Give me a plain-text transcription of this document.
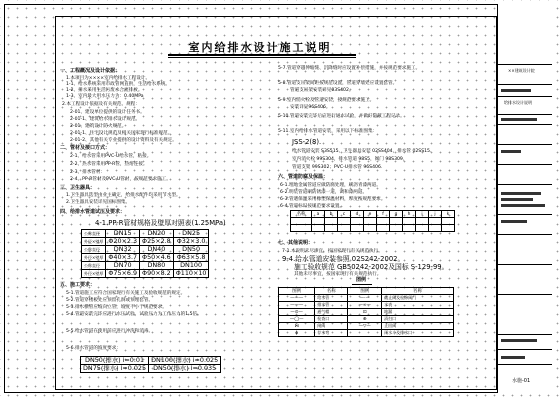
室内给排水设计施工说明
一、工程概况及设计依据：
1.本项目为××××室内给排水工程设计。
1-1、给水系统采用市政管网直供，生活给水系统。
1-2、排水采用生活污废水合流排放。
1-3、室内最大用水压力为：0.40MPa
2.本工程设计依据及有关规范、规程：
2-01、建设单位提供的设计任务书。
2-01-1、建筑给水排水设计规范。
2-01、建筑设计防火规范。
2-01-1、住宅设计规范及相关国家现行标准规范。
2-01-2、其他有关专业提供的设计资料及有关规定。
二、管材及接口方式：
2-1、给水管采用PVC-U给水管，粘接。
2-2、热水管采用PP-R管，热熔连接。
2-3、排水管材：
2-4、PP-R管材及PVC-U管材，按规范要求施工。
三、卫生器具：
1.卫生器具选型由业主确定，给排水配件均采用节水型。
2.卫生器具安装详见国标图集。
四、给排水管道试压及要求：
4-1.PP-R管材规格及壁厚对照表(1.25MPa)
公称直径	DN15	DN20	DN25
外径×壁厚	Φ20×2.3	Φ25×2.8	Φ32×3.0
公称直径	DN32	DN40	DN50
外径×壁厚	Φ40×3.7	Φ50×4.6	Φ63×5.8
公称直径	DN70	DN80	DN100
外径×壁厚	Φ75×6.9	Φ90×8.2	Φ110×10
五、施工要求：
5-1.管道施工应符合国家现行有关施工及验收规范的规定。
5-2.管道穿楼板处应预留孔洞或预埋套管。
5-3.排水横管应坡向立管，坡度不小于规范要求。
5-4.管道安装完毕应进行水压试验，试验压力为工作压力的1.5倍。
5-5.给水管道在使用前应进行冲洗和消毒。
5-6.排水管道的坡度要求：
DN50(排水) i=0.01	DN100(排水) i=0.025
DN75(排水) i=0.025	DN50(排水) i=0.035
5-7.管道穿越伸缩缝、沉降缝时应设置补偿措施，并按规范要求施工。
5-8.管道支吊架间距按规范设置，管道穿墙处应设置套管。
管道支吊架安装详见03S402。
5-9.室内消火栓及管道安装，按规范要求施工。
安装详见96S406。
5-10.管道安装完毕后应进行通水试验，并做好隐蔽工程记录。
5-11.室内给排水管道安装，采用以下标准图集：
JSS-2(8).
给水管道安装 S3S515、卫生器具安装 02SS404，排水管 02SS15.
室内消火栓 99S304，排水管道 98S5，阀门 98S309，
管道支架 99S302；PVC-U排水管 96S406.
六、管道防腐及保温：
6-1.埋地金属管道应做防腐处理，刷沥青漆两道。
6-2.明装管道刷防锈漆一道，调和漆两道。
6-3.管道保温采用橡塑保温材料，厚度按规范要求。
6-4.管道标识按规范要求设置。
名称	a	b	c	d	e	f	g	h	i	j	k

七、其他说明：
7-1.本说明未尽事宜，按国家现行有关规范执行。
9-4.给水管道安装参照 02S242-2002。
施工验收规范 GB50242-2002及国标 S-129-99。
其他未尽事宜，按国家现行有关规范执行。
图例
图例	名称	图例	名称
———	给水管	—·—	截止阀及检修阀门
———	排水管	—∞—	水表
—⊙—	通气帽	⊡	地漏
—◯—	检查口	⊕	清扫口
⋈	闸阀	—▽—	止回阀
ϕ	存水弯		雨水斗及排水口
××建筑设计院
给排水设计说明
水施-01
